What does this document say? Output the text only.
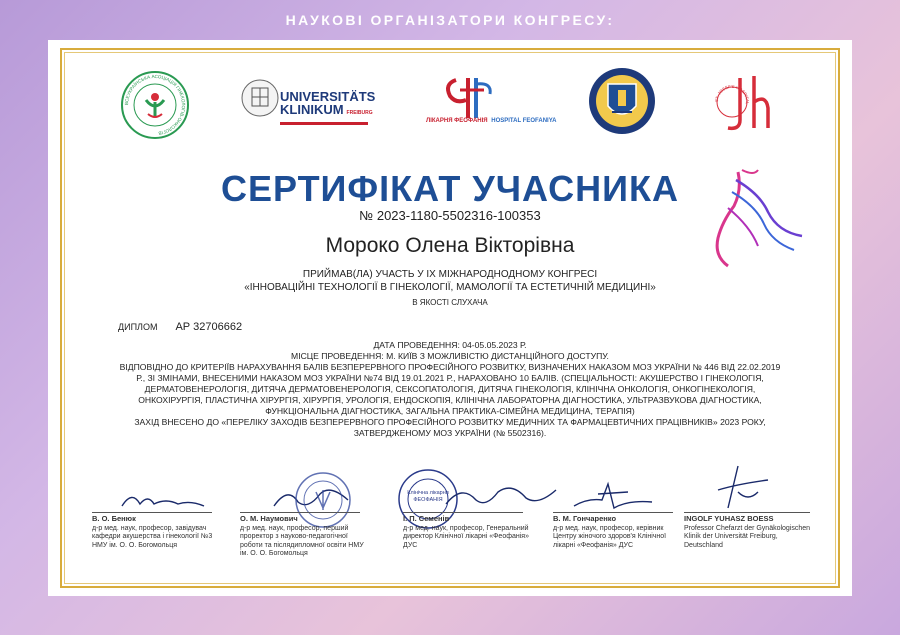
НАУКОВІ ОРГАНІЗАТОРИ КОНГРЕСУ:
ВСЕУКРАЇНСЬКА АСОЦІАЦІЯ ГІНЕКОЛОГІВ-ОНКОЛОГІВ
UNIVERSITÄTS
KLINIKUM FREIBURG
ЛІКАРНЯ ФЕОФАНІЯ HOSPITAL FEOFANIYA
ST. JOSEF'S HOSPITAL
СЕРТИФІКАТ УЧАСНИКА
№ 2023-1180-5502316-100353
Мороко Олена Вікторівна
ПРИЙМАВ(ЛА) УЧАСТЬ У IX МІЖНАРОДНОДНОМУ КОНГРЕСІ
«ІННОВАЦІЙНІ ТЕХНОЛОГІЇ В ГІНЕКОЛОГІЇ, МАМОЛОГІЇ ТА ЕСТЕТИЧНІЙ МЕДИЦИНІ»
В ЯКОСТІ СЛУХАЧА
ДИПЛОМ АР 32706662
ДАТА ПРОВЕДЕННЯ: 04-05.05.2023 Р.
МІСЦЕ ПРОВЕДЕННЯ: М. КИЇВ З МОЖЛИВІСТЮ ДИСТАНЦІЙНОГО ДОСТУПУ.
ВІДПОВІДНО ДО КРИТЕРІЇВ НАРАХУВАННЯ БАЛІВ БЕЗПЕРЕРВНОГО ПРОФЕСІЙНОГО РОЗВИТКУ, ВИЗНАЧЕНИХ НАКАЗОМ МОЗ УКРАЇНИ № 446 ВІД 22.02.2019 Р., ЗІ ЗМІНАМИ, ВНЕСЕНИМИ НАКАЗОМ МОЗ УКРАЇНИ №74 ВІД 19.01.2021 Р., НАРАХОВАНО 10 БАЛІВ. (СПЕЦІАЛЬНОСТІ: АКУШЕРСТВО І ГІНЕКОЛОГІЯ, ДЕРМАТОВЕНЕРОЛОГІЯ, ДИТЯЧА ДЕРМАТОВЕНЕРОЛОГІЯ, СЕКСОПАТОЛОГІЯ, ДИТЯЧА ГІНЕКОЛОГІЯ, КЛІНІЧНА ОНКОЛОГІЯ, ОНКОГІНЕКОЛОГІЯ, ОНКОХІРУРГІЯ, ПЛАСТИЧНА ХІРУРГІЯ, ХІРУРГІЯ, УРОЛОГІЯ, ЕНДОСКОПІЯ, КЛІНІЧНА ЛАБОРАТОРНА ДІАГНОСТИКА, УЛЬТРАЗВУКОВА ДІАГНОСТИКА, ФУНКЦІОНАЛЬНА ДІАГНОСТИКА, ЗАГАЛЬНА ПРАКТИКА-СІМЕЙНА МЕДИЦИНА, ТЕРАПІЯ)
ЗАХІД ВНЕСЕНО ДО «ПЕРЕЛІКУ ЗАХОДІВ БЕЗПЕРЕРВНОГО ПРОФЕСІЙНОГО РОЗВИТКУ МЕДИЧНИХ ТА ФАРМАЦЕВТИЧНИХ ПРАЦІВНИКІВ» 2023 РОКУ, ЗАТВЕРДЖЕНОМУ МОЗ УКРАЇНИ (№ 5502316).
Клінічна лікарня ФЕОФАНІЯ
В. О. Бенюк
д-р мед. наук, професор, завідувач кафедри акушерства і гінекології №3 НМУ ім. О. О. Богомольця
О. М. Наумович
д-р мед. наук, професор, перший проректор з науково-педагогічної роботи та післядипломної освіти НМУ ім. О. О. Богомольця
І. П. Семенів
д-р мед. наук, професор, Генеральний директор Клінічної лікарні «Феофанія» ДУС
В. М. Гончаренко
д-р мед. наук, професор, керівник Центру жіночого здоров'я Клінічної лікарні «Феофанія» ДУС
INGOLF YUHASZ BOESS
Professor Chefarzt der Gynäkologischen Klinik der Universität Freiburg, Deutschland
